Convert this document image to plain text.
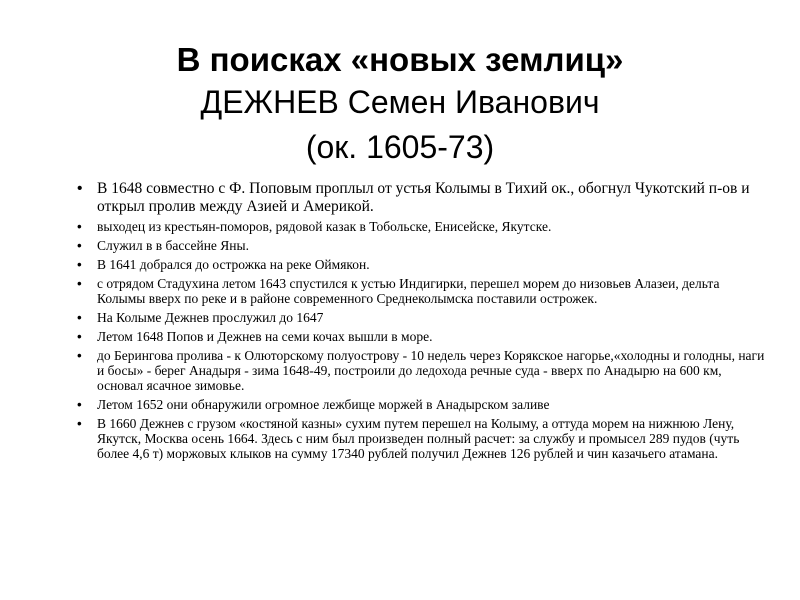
В поисках «новых землиц»
ДЕЖНЕВ Семен Иванович
(ок. 1605-73)
• В 1648 совместно с Ф. Поповым проплыл от устья Колымы в Тихий ок., обогнул Чукотский п-ов и открыл пролив между Азией и Америкой.
• выходец из крестьян-поморов, рядовой казак в Тобольске, Енисейске, Якутске.
• Служил в в бассейне Яны.
• В 1641 добрался до острожка на реке Оймякон.
• с отрядом Стадухина летом 1643 спустился к устью Индигирки, перешел морем до низовьев Алазеи, дельта Колымы вверх по реке и в районе современного Среднеколымска поставили острожек.
• На Колыме Дежнев прослужил до 1647
• Летом 1648 Попов и Дежнев на семи кочах вышли в море.
• до Берингова пролива - к Олюторскому полуострову - 10 недель через Корякское нагорье,«холодны и голодны, наги и босы» - берег Анадыря - зима 1648-49, построили до ледохода речные суда - вверх по Анадырю на 600 км, основал ясачное зимовье.
• Летом 1652 они обнаружили огромное лежбище моржей в Анадырском заливе
• В 1660 Дежнев с грузом «костяной казны» сухим путем перешел на Колыму, а оттуда морем на нижнюю Лену, Якутск, Москва осень 1664. Здесь с ним был произведен полный расчет: за службу и промысел 289 пудов (чуть более 4,6 т) моржовых клыков на сумму 17340 рублей получил Дежнев 126 рублей и чин казачьего атамана.
